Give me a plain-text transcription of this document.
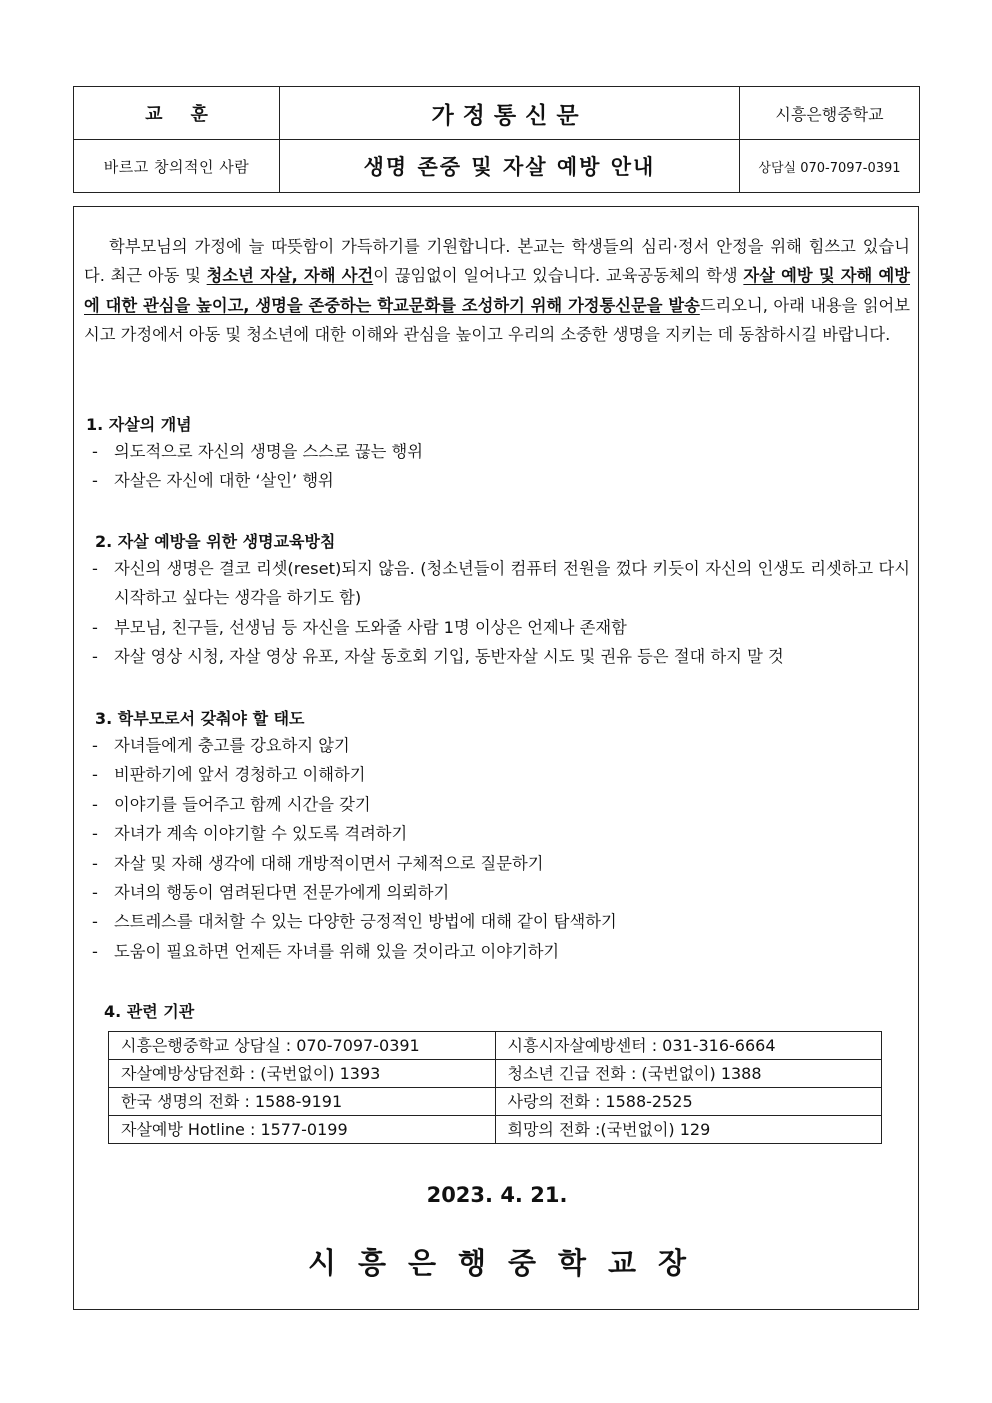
교훈	가정통신문	시흥은행중학교
바르고 창의적인 사람	생명 존중 및 자살 예방 안내	상담실 070-7097-0391

학부모님의 가정에 늘 따뜻함이 가득하기를 기원합니다. 본교는 학생들의 심리·정서 안정을 위해 힘쓰고 있습니다. 최근 아동 및 청소년 자살, 자해 사건이 끊임없이 일어나고 있습니다. 교육공동체의 학생 자살 예방 및 자해 예방에 대한 관심을 높이고, 생명을 존중하는 학교문화를 조성하기 위해 가정통신문을 발송드리오니, 아래 내용을 읽어보시고 가정에서 아동 및 청소년에 대한 이해와 관심을 높이고 우리의 소중한 생명을 지키는 데 동참하시길 바랍니다.

1. 자살의 개념

- 의도적으로 자신의 생명을 스스로 끊는 행위
- 자살은 자신에 대한 ‘살인’ 행위

2. 자살 예방을 위한 생명교육방침

- 자신의 생명은 결코 리셋(reset)되지 않음. (청소년들이 컴퓨터 전원을 껐다 키듯이 자신의 인생도 리셋하고 다시 시작하고 싶다는 생각을 하기도 함)
- 부모님, 친구들, 선생님 등 자신을 도와줄 사람 1명 이상은 언제나 존재함
- 자살 영상 시청, 자살 영상 유포, 자살 동호회 기입, 동반자살 시도 및 권유 등은 절대 하지 말 것

3. 학부모로서 갖춰야 할 태도

- 자녀들에게 충고를 강요하지 않기
- 비판하기에 앞서 경청하고 이해하기
- 이야기를 들어주고 함께 시간을 갖기
- 자녀가 계속 이야기할 수 있도록 격려하기
- 자살 및 자해 생각에 대해 개방적이면서 구체적으로 질문하기
- 자녀의 행동이 염려된다면 전문가에게 의뢰하기
- 스트레스를 대처할 수 있는 다양한 긍정적인 방법에 대해 같이 탐색하기
- 도움이 필요하면 언제든 자녀를 위해 있을 것이라고 이야기하기

4. 관련 기관

시흥은행중학교 상담실 : 070-7097-0391	시흥시자살예방센터 : 031-316-6664
자살예방상담전화 : (국번없이) 1393	청소년 긴급 전화 : (국번없이) 1388
한국 생명의 전화 : 1588-9191	사랑의 전화 : 1588-2525
자살예방 Hotline : 1577-0199	희망의 전화 :(국번없이) 129
2023. 4. 21.
시흥은행중학교장
